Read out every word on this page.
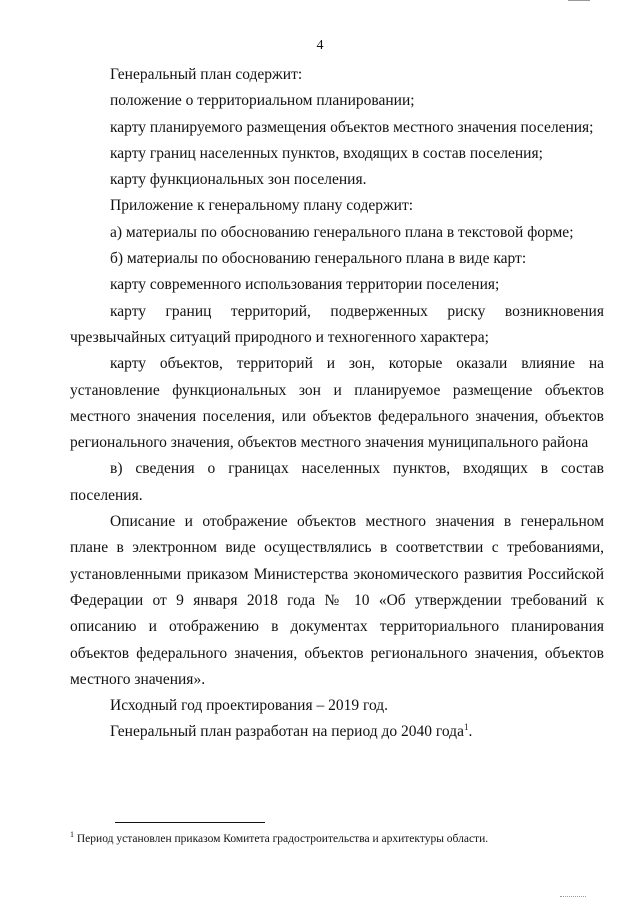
4

Генеральный план содержит:

положение о территориальном планировании;

карту планируемого размещения объектов местного значения поселения;

карту границ населенных пунктов, входящих в состав поселения;

карту функциональных зон поселения.

Приложение к генеральному плану содержит:

а) материалы по обоснованию генерального плана в текстовой форме;

б) материалы по обоснованию генерального плана в виде карт:

карту современного использования территории поселения;

карту границ территорий, подверженных риску возникновения чрезвычайных ситуаций природного и техногенного характера;

карту объектов, территорий и зон, которые оказали влияние на установление функциональных зон и планируемое размещение объектов местного значения поселения, или объектов федерального значения, объектов регионального значения, объектов местного значения муниципального района

в) сведения о границах населенных пунктов, входящих в состав поселения.

Описание и отображение объектов местного значения в генеральном плане в электронном виде осуществлялись в соответствии с требованиями, установленными приказом Министерства экономического развития Российской Федерации от 9 января 2018 года № 10 «Об утверждении требований к описанию и отображению в документах территориального планирования объектов федерального значения, объектов регионального значения, объектов местного значения».

Исходный год проектирования – 2019 год.

Генеральный план разработан на период до 2040 года$^1$.

$^1$ Период установлен приказом Комитета градостроительства и архитектуры области.
